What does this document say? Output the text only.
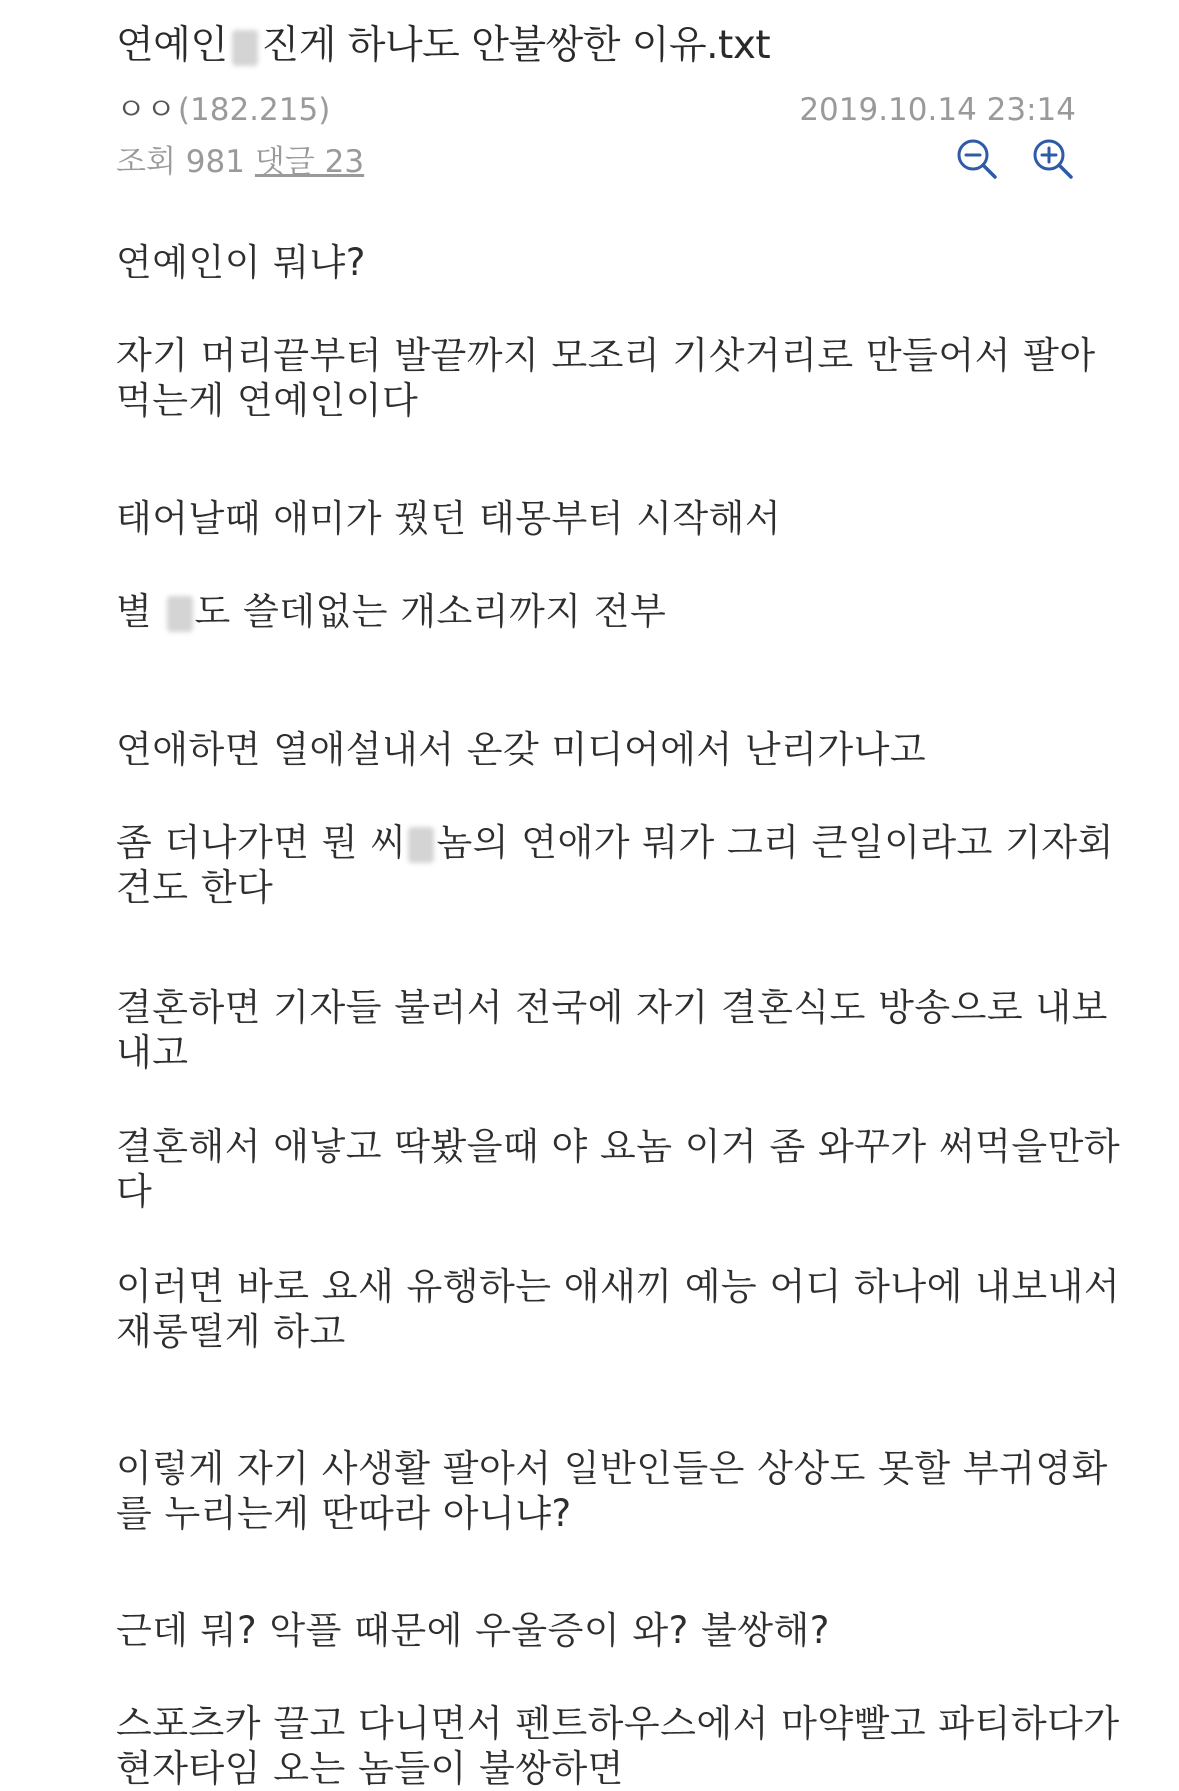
연예인 진게 하나도 안불쌍한 이유.txt
ㅇㅇ(182.215)	2019.10.14 23:14
조회 981 댓글 23
연예인이 뭐냐?
자기 머리끝부터 발끝까지 모조리 기삿거리로 만들어서 팔아
먹는게 연예인이다
태어날때 애미가 꿨던 태몽부터 시작해서
별 도 쓸데없는 개소리까지 전부
연애하면 열애설내서 온갖 미디어에서 난리가나고
좀 더나가면 뭔 씨 놈의 연애가 뭐가 그리 큰일이라고 기자회
견도 한다
결혼하면 기자들 불러서 전국에 자기 결혼식도 방송으로 내보
내고
결혼해서 애낳고 딱봤을때 야 요놈 이거 좀 와꾸가 써먹을만하
다
이러면 바로 요새 유행하는 애새끼 예능 어디 하나에 내보내서
재롱떨게 하고
이렇게 자기 사생활 팔아서 일반인들은 상상도 못할 부귀영화
를 누리는게 딴따라 아니냐?
근데 뭐? 악플 때문에 우울증이 와? 불쌍해?
스포츠카 끌고 다니면서 펜트하우스에서 마약빨고 파티하다가
현자타임 오는 놈들이 불쌍하면
